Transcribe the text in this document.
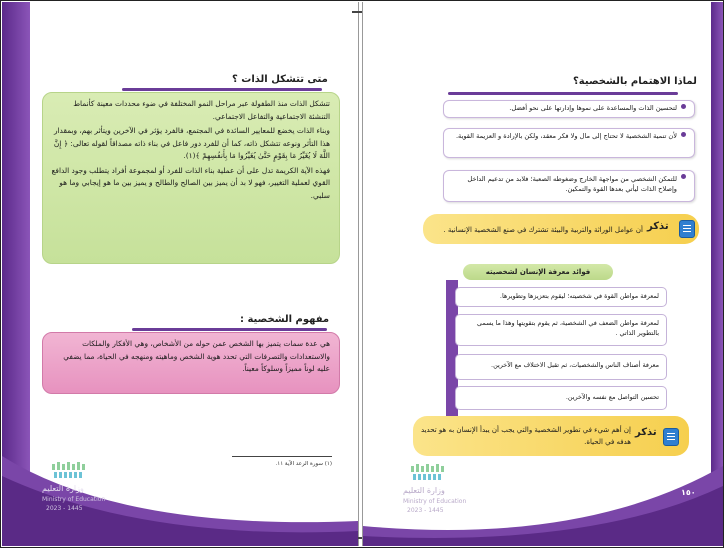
متى تتشكل الذات ؟

تتشكل الذات منذ الطفولة عبر مراحل النمو المختلفة في ضوء محددات معينة كأنماط التنشئة الاجتماعية والتفاعل الاجتماعي.

وبناء الذات يخضع للمعايير السائدة في المجتمع، فالفرد يؤثر في الآخرين ويتأثر بهم، وبمقدار هذا التأثر ونوعه تتشكل ذاته، كما أن للفرد دور فاعل في بناء ذاته مصداقاً لقوله تعالى: ﴿ إِنَّ اللَّهَ لَا يُغَيِّرُ مَا بِقَوْمٍ حَتَّىٰ يُغَيِّرُوا مَا بِأَنفُسِهِمْ ﴾(١).

فهذه الآية الكريمة تدل على أن عملية بناء الذات للفرد أو لمجموعة أفراد يتطلب وجود الدافع القوي لعملية التغيير، فهو لا بد أن يميز بين الصالح والطالح و يميز بين ما هو إيجابي وما هو سلبي.

مفهوم الشخصية :
هي عدة سمات يتميز بها الشخص عمن حوله من الأشخاص، وهي الأفكار والملكات والاستعدادات والتصرفات التي تحدد هوية الشخص وماهيته ومنهجه في الحياة، مما يضفي عليه لوناً مميزاً وسلوكاً معيناً.
(١) سورة الرعد الآية ١١.
وزارة التعليم
Ministry of Education
2023 - 1445
لماذا الاهتمام بالشخصية؟
لتحسين الذات والمساعدة على نموها وإدارتها على نحو أفضل.
لأن تنمية الشخصية لا تحتاج إلى مال ولا فكر معقد، ولكن بالإرادة و العزيمة القوية.
للتمكن الشخصي من مواجهة الخارج وضغوطه الصعبة؛ فلابد من تدعيم الداخل وإصلاح الذات ليأتي بعدها القوة والتمكين.
تذكر
أن عوامل الوراثة والتربية والبيئة تشترك في صنع الشخصية الإنسانية .
فوائد معرفة الإنسان لشخصيته
لمعرفة مواطن القوة في شخصيته؛ ليقوم بتعزيزها وتطويرها.
لمعرفة مواطن الضعف في الشخصية، ثم يقوم بتقويتها وهذا ما يسمى بالتطوير الذاتي .
معرفة أصناف الناس والشخصيات، ثم تقبل الاختلاف مع الآخرين.
تحسين التواصل مع نفسه والآخرين.
تذكر
إن أهم شيء في تطوير الشخصية والتي يجب أن يبدأ الإنسان به هو تحديد هدفه في الحياة.
وزارة التعليم
Ministry of Education
2023 - 1445
١٥٠
